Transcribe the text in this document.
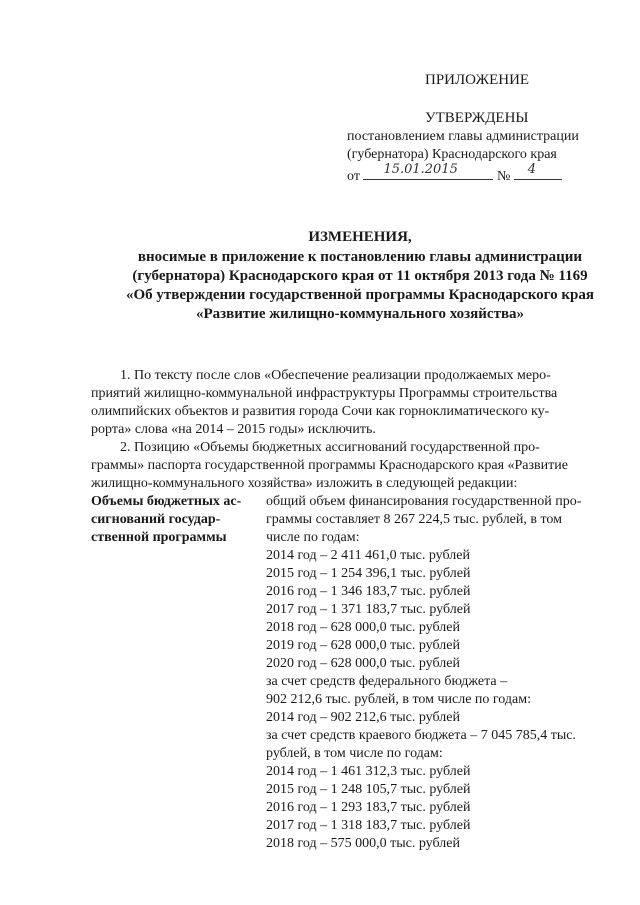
ПРИЛОЖЕНИЕ
УТВЕРЖДЕНЫ
постановлением главы администрации
(губернатора) Краснодарского края
от 15.01.2015	№ 4
ИЗМЕНЕНИЯ,
вносимые в приложение к постановлению главы администрации
(губернатора) Краснодарского края от 11 октября 2013 года № 1169
«Об утверждении государственной программы Краснодарского края
«Развитие жилищно-коммунального хозяйства»
1. По тексту после слов «Обеспечение реализации продолжаемых меро-
приятий жилищно-коммунальной инфраструктуры Программы строительства
олимпийских объектов и развития города Сочи как горноклиматического ку-
рорта» слова «на 2014 – 2015 годы» исключить.
2. Позицию «Объемы бюджетных ассигнований государственной про-
граммы» паспорта государственной программы Краснодарского края «Развитие
жилищно-коммунального хозяйства» изложить в следующей редакции:
Объемы бюджетных ас-
сигнований государ-
ственной программы
общий объем финансирования государственной про-
граммы составляет 8 267 224,5 тыс. рублей, в том
числе по годам:
2014 год – 2 411 461,0 тыс. рублей
2015 год – 1 254 396,1 тыс. рублей
2016 год – 1 346 183,7 тыс. рублей
2017 год – 1 371 183,7 тыс. рублей
2018 год – 628 000,0 тыс. рублей
2019 год – 628 000,0 тыс. рублей
2020 год – 628 000,0 тыс. рублей
за счет средств федерального бюджета –
902 212,6 тыс. рублей, в том числе по годам:
2014 год – 902 212,6 тыс. рублей
за счет средств краевого бюджета – 7 045 785,4 тыс.
рублей, в том числе по годам:
2014 год – 1 461 312,3 тыс. рублей
2015 год – 1 248 105,7 тыс. рублей
2016 год – 1 293 183,7 тыс. рублей
2017 год – 1 318 183,7 тыс. рублей
2018 год – 575 000,0 тыс. рублей
